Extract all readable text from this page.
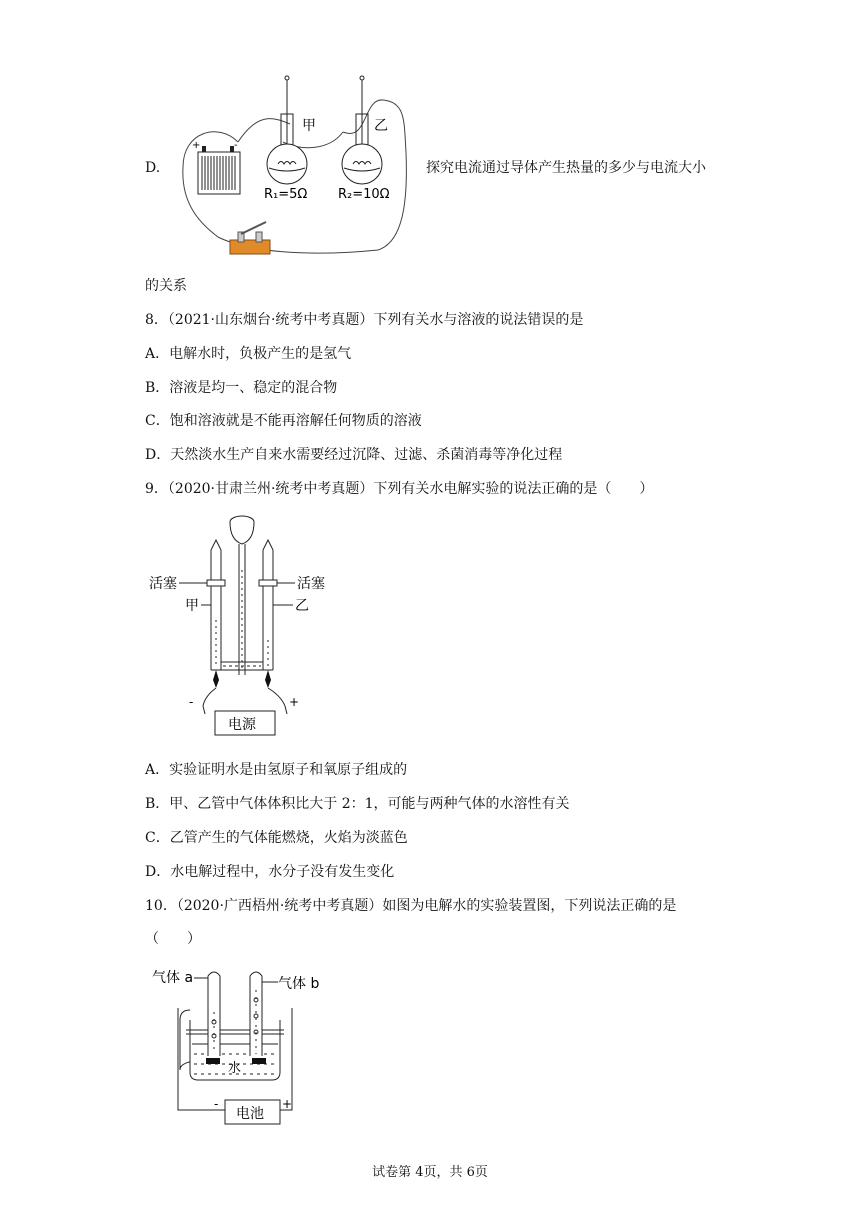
D.
+	-
甲
R₁=5Ω
乙
R₂=10Ω
探究电流通过导体产生热量的多少与电流大小
的关系
8．（2021·山东烟台·统考中考真题）下列有关水与溶液的说法错误的是
A．电解水时，负极产生的是氢气
B．溶液是均一、稳定的混合物
C．饱和溶液就是不能再溶解任何物质的溶液
D．天然淡水生产自来水需要经过沉降、过滤、杀菌消毒等净化过程
9．（2020·甘肃兰州·统考中考真题）下列有关水电解实验的说法正确的是（　　）
电源
-	+
活塞
甲
活塞
乙
A．实验证明水是由氢原子和氧原子组成的
B．甲、乙管中气体体积比大于 2：1，可能与两种气体的水溶性有关
C．乙管产生的气体能燃烧，火焰为淡蓝色
D．水电解过程中，水分子没有发生变化
10．（2020·广西梧州·统考中考真题）如图为电解水的实验装置图，下列说法正确的是
（　　）
电池
-	+
水
气体 a	气体 b
试卷第 4页，共 6页
